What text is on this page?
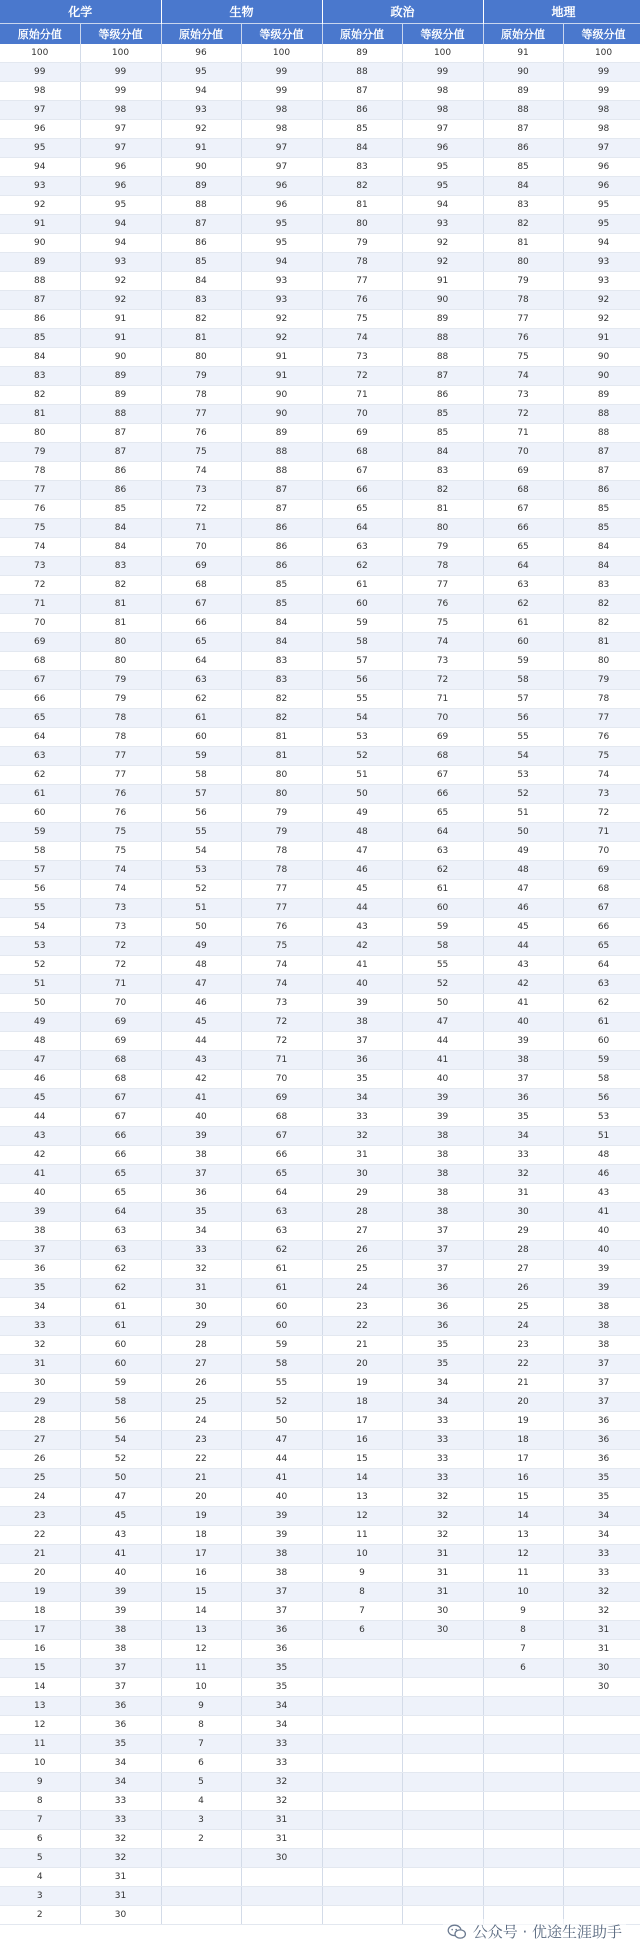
化学		生物		政治		地理	
原始分值	等级分值	原始分值	等级分值	原始分值	等级分值	原始分值	等级分值
100	100	96	100	89	100	91	100
99	99	95	99	88	99	90	99
98	99	94	99	87	98	89	99
97	98	93	98	86	98	88	98
96	97	92	98	85	97	87	98
95	97	91	97	84	96	86	97
94	96	90	97	83	95	85	96
93	96	89	96	82	95	84	96
92	95	88	96	81	94	83	95
91	94	87	95	80	93	82	95
90	94	86	95	79	92	81	94
89	93	85	94	78	92	80	93
88	92	84	93	77	91	79	93
87	92	83	93	76	90	78	92
86	91	82	92	75	89	77	92
85	91	81	92	74	88	76	91
84	90	80	91	73	88	75	90
83	89	79	91	72	87	74	90
82	89	78	90	71	86	73	89
81	88	77	90	70	85	72	88
80	87	76	89	69	85	71	88
79	87	75	88	68	84	70	87
78	86	74	88	67	83	69	87
77	86	73	87	66	82	68	86
76	85	72	87	65	81	67	85
75	84	71	86	64	80	66	85
74	84	70	86	63	79	65	84
73	83	69	86	62	78	64	84
72	82	68	85	61	77	63	83
71	81	67	85	60	76	62	82
70	81	66	84	59	75	61	82
69	80	65	84	58	74	60	81
68	80	64	83	57	73	59	80
67	79	63	83	56	72	58	79
66	79	62	82	55	71	57	78
65	78	61	82	54	70	56	77
64	78	60	81	53	69	55	76
63	77	59	81	52	68	54	75
62	77	58	80	51	67	53	74
61	76	57	80	50	66	52	73
60	76	56	79	49	65	51	72
59	75	55	79	48	64	50	71
58	75	54	78	47	63	49	70
57	74	53	78	46	62	48	69
56	74	52	77	45	61	47	68
55	73	51	77	44	60	46	67
54	73	50	76	43	59	45	66
53	72	49	75	42	58	44	65
52	72	48	74	41	55	43	64
51	71	47	74	40	52	42	63
50	70	46	73	39	50	41	62
49	69	45	72	38	47	40	61
48	69	44	72	37	44	39	60
47	68	43	71	36	41	38	59
46	68	42	70	35	40	37	58
45	67	41	69	34	39	36	56
44	67	40	68	33	39	35	53
43	66	39	67	32	38	34	51
42	66	38	66	31	38	33	48
41	65	37	65	30	38	32	46
40	65	36	64	29	38	31	43
39	64	35	63	28	38	30	41
38	63	34	63	27	37	29	40
37	63	33	62	26	37	28	40
36	62	32	61	25	37	27	39
35	62	31	61	24	36	26	39
34	61	30	60	23	36	25	38
33	61	29	60	22	36	24	38
32	60	28	59	21	35	23	38
31	60	27	58	20	35	22	37
30	59	26	55	19	34	21	37
29	58	25	52	18	34	20	37
28	56	24	50	17	33	19	36
27	54	23	47	16	33	18	36
26	52	22	44	15	33	17	36
25	50	21	41	14	33	16	35
24	47	20	40	13	32	15	35
23	45	19	39	12	32	14	34
22	43	18	39	11	32	13	34
21	41	17	38	10	31	12	33
20	40	16	38	9	31	11	33
19	39	15	37	8	31	10	32
18	39	14	37	7	30	9	32
17	38	13	36	6	30	8	31
16	38	12	36			7	31
15	37	11	35			6	30
14	37	10	35				30
13	36	9	34				
12	36	8	34				
11	35	7	33				
10	34	6	33				
9	34	5	32				
8	33	4	32				
7	33	3	31				
6	32	2	31				
5	32		30				
4	31						
3	31						
2	30						
公众号 · 优途生涯助手
